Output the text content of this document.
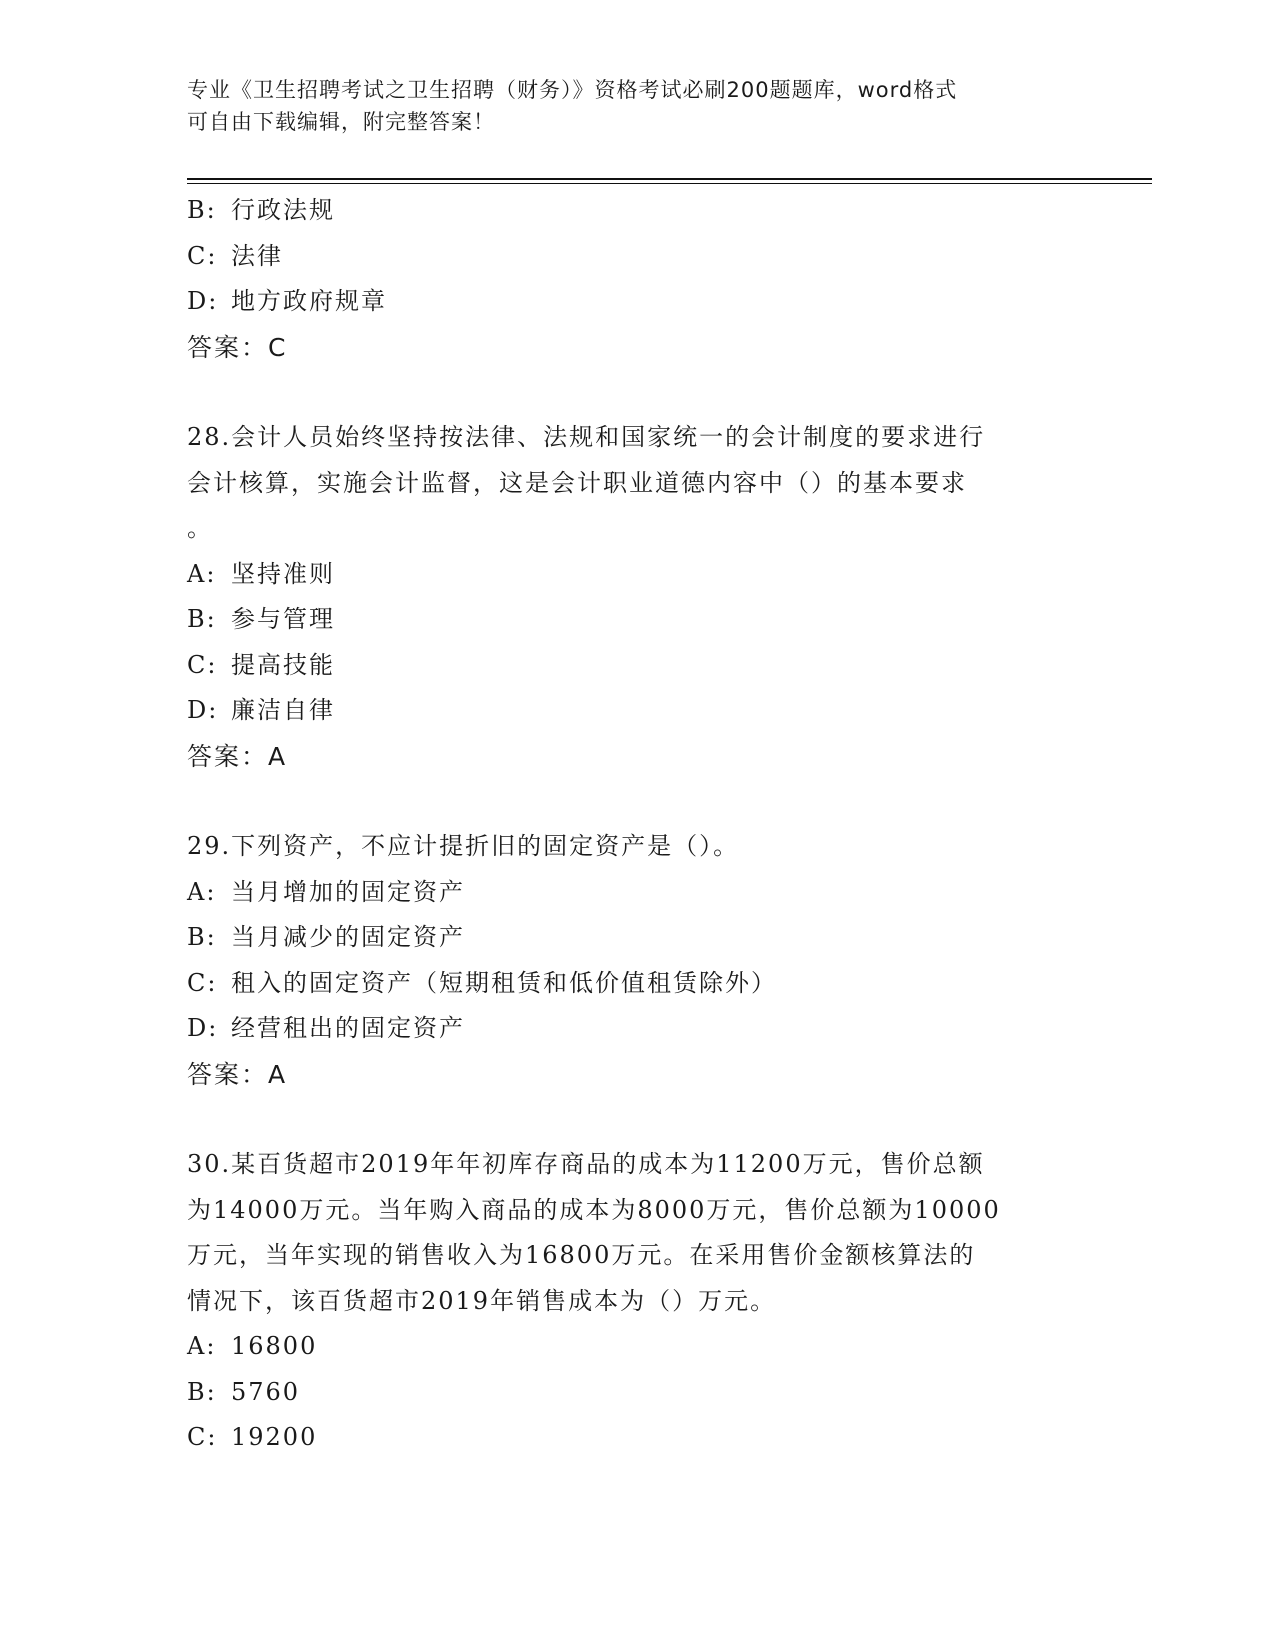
专业《卫生招聘考试之卫生招聘（财务）》资格考试必刷200题题库，word格式
可自由下载编辑，附完整答案！
B: 行政法规
C: 法律
D: 地方政府规章
答案：C
28.会计人员始终坚持按法律、法规和国家统一的会计制度的要求进行
会计核算，实施会计监督，这是会计职业道德内容中（）的基本要求
。
A: 坚持准则
B: 参与管理
C: 提高技能
D: 廉洁自律
答案：A
29.下列资产，不应计提折旧的固定资产是（）。
A: 当月增加的固定资产
B: 当月减少的固定资产
C: 租入的固定资产（短期租赁和低价值租赁除外）
D: 经营租出的固定资产
答案：A
30.某百货超市2019年年初库存商品的成本为11200万元，售价总额
为14000万元。当年购入商品的成本为8000万元，售价总额为10000
万元，当年实现的销售收入为16800万元。在采用售价金额核算法的
情况下，该百货超市2019年销售成本为（）万元。
A: 16800
B: 5760
C: 19200
